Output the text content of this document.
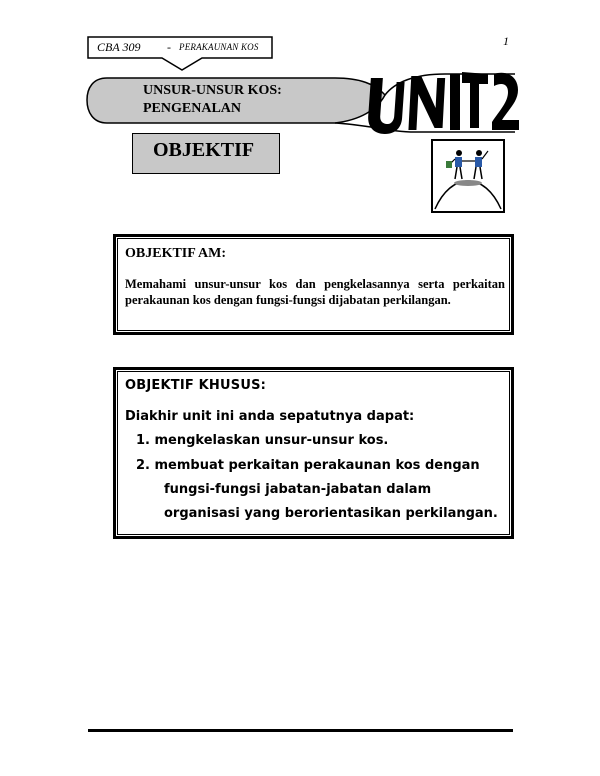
CBA 309 - PERAKAUNAN KOS	1
UNSUR-UNSUR KOS:
PENGENALAN
OBJEKTIF
OBJEKTIF AM:
Memahami unsur-unsur kos dan pengkelasannya serta perkaitan perakaunan kos dengan fungsi-fungsi dijabatan perkilangan.
OBJEKTIF KHUSUS:
Diakhir unit ini anda sepatutnya dapat:
1. mengkelaskan unsur-unsur kos.
2. membuat perkaitan perakaunan kos dengan
fungsi-fungsi jabatan-jabatan dalam
organisasi yang berorientasikan perkilangan.
